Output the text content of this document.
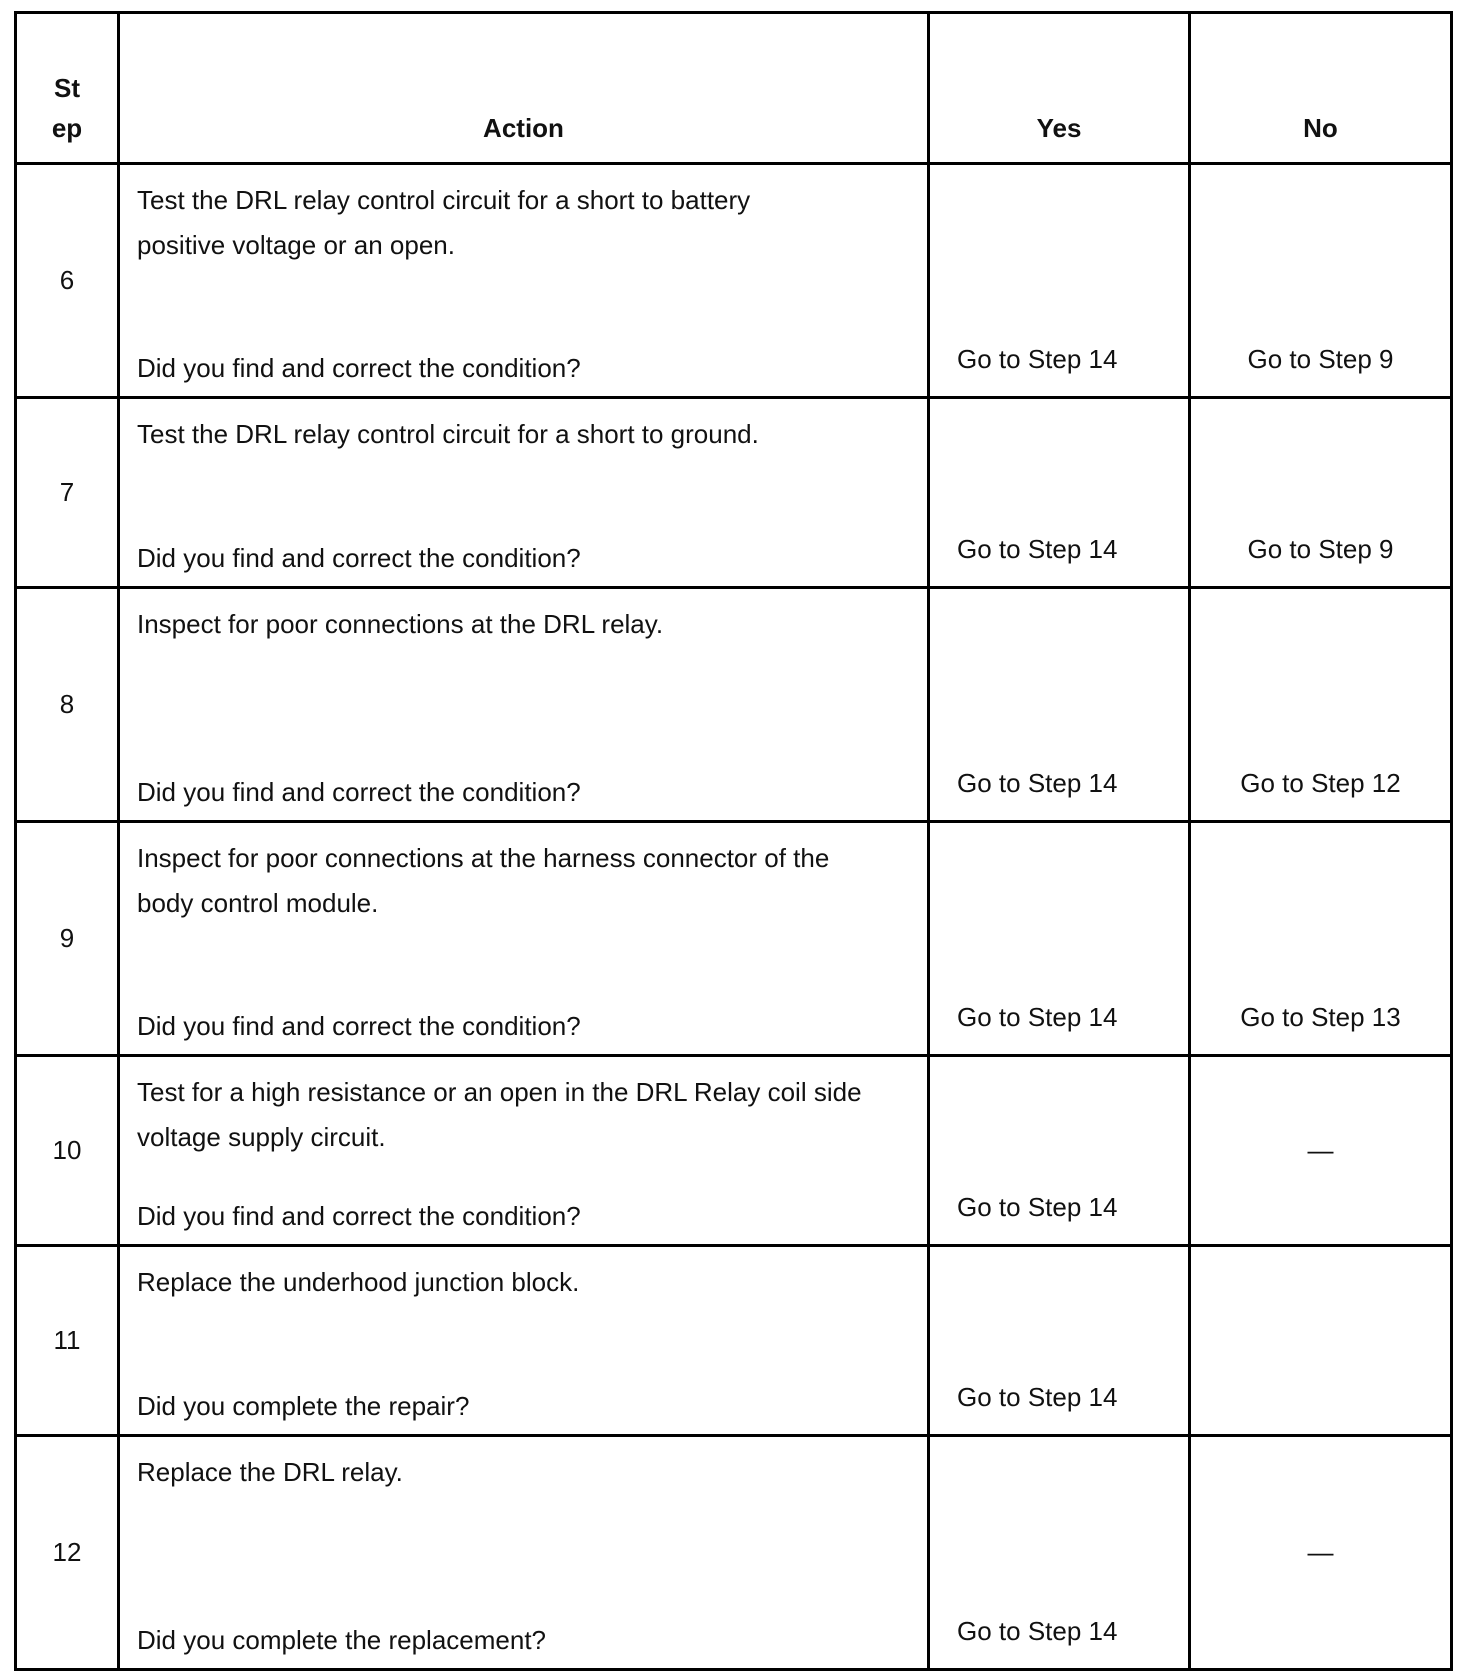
St
ep	Action	Yes	No
6	Test the DRL relay control circuit for a short to battery positive voltage or an open.
Did you find and correct the condition?	Go to Step 14	Go to Step 9
7	Test the DRL relay control circuit for a short to ground.
Did you find and correct the condition?	Go to Step 14	Go to Step 9
8	Inspect for poor connections at the DRL relay.
Did you find and correct the condition?	Go to Step 14	Go to Step 12
9	Inspect for poor connections at the harness connector of the body control module.
Did you find and correct the condition?	Go to Step 14	Go to Step 13
10	Test for a high resistance or an open in the DRL Relay coil side voltage supply circuit.
Did you find and correct the condition?	Go to Step 14	—
11	Replace the underhood junction block.
Did you complete the repair?	Go to Step 14	
12	Replace the DRL relay.
Did you complete the replacement?	Go to Step 14	—
